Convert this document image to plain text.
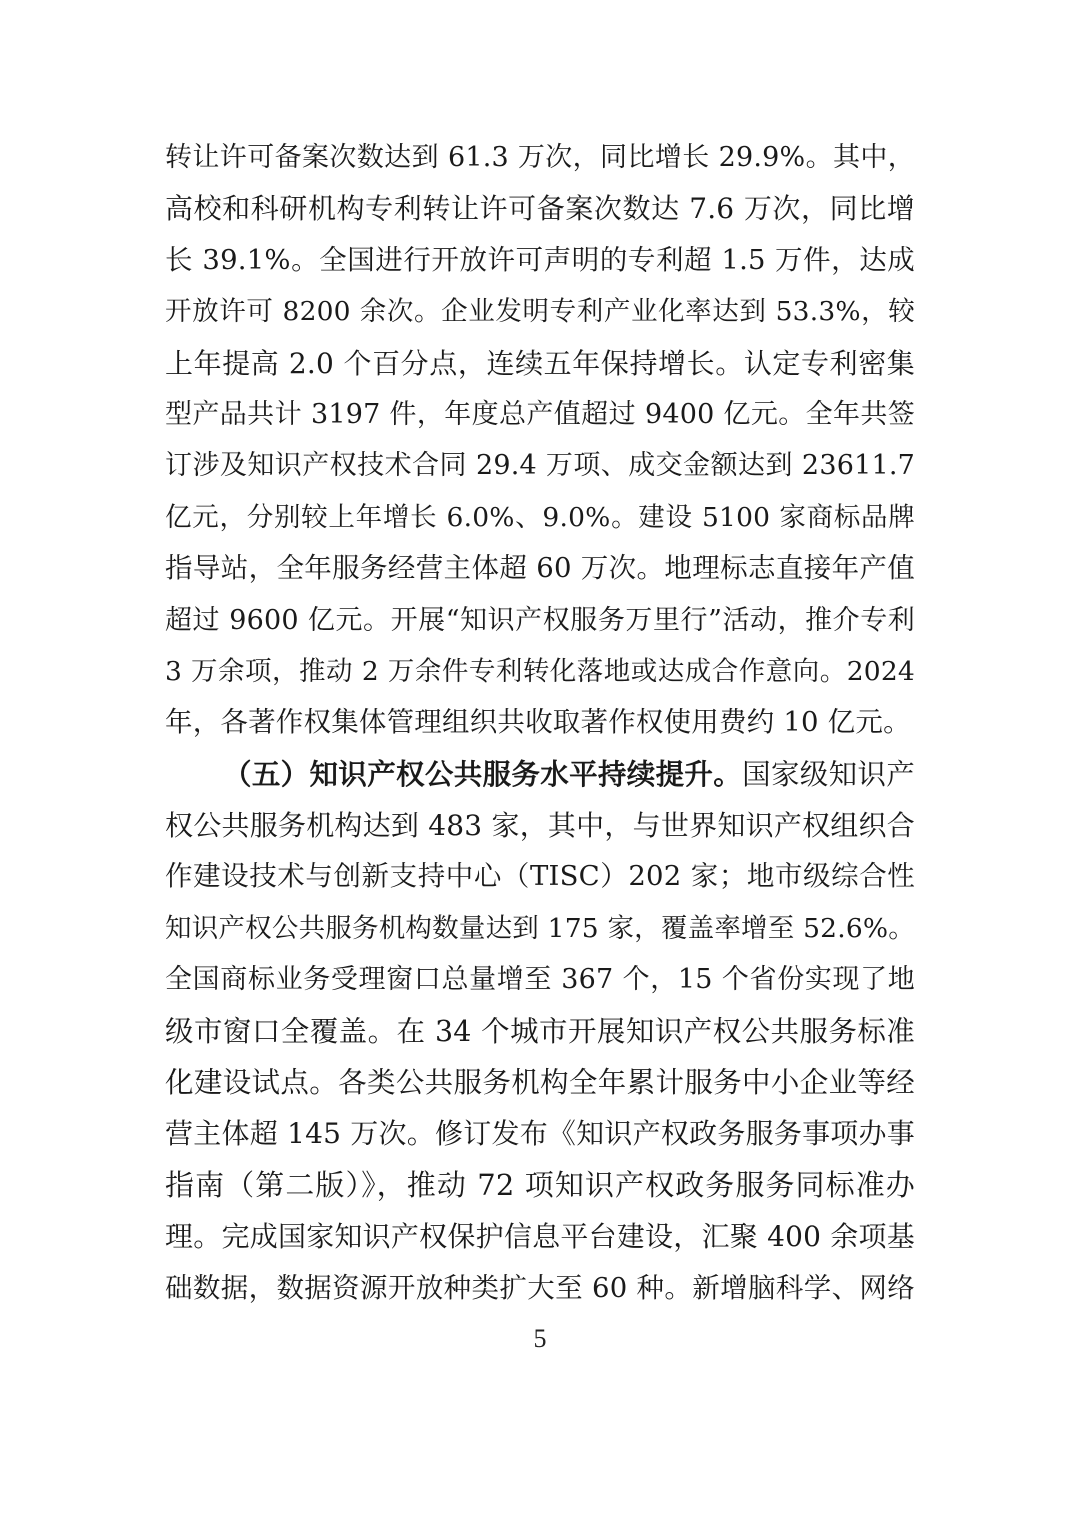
转让许可备案次数达到 61.3 万次，同比增长 29.9%。其中，
高校和科研机构专利转让许可备案次数达 7.6 万次，同比增
长 39.1%。全国进行开放许可声明的专利超 1.5 万件，达成
开放许可 8200 余次。企业发明专利产业化率达到 53.3%，较
上年提高 2.0 个百分点，连续五年保持增长。认定专利密集
型产品共计 3197 件，年度总产值超过 9400 亿元。全年共签
订涉及知识产权技术合同 29.4 万项、成交金额达到 23611.7
亿元，分别较上年增长 6.0%、9.0%。建设 5100 家商标品牌
指导站，全年服务经营主体超 60 万次。地理标志直接年产值
超过 9600 亿元。开展“知识产权服务万里行”活动，推介专利
3 万余项，推动 2 万余件专利转化落地或达成合作意向。2024
年，各著作权集体管理组织共收取著作权使用费约 10 亿元。
（五）知识产权公共服务水平持续提升。国家级知识产
权公共服务机构达到 483 家，其中，与世界知识产权组织合
作建设技术与创新支持中心（TISC）202 家；地市级综合性
知识产权公共服务机构数量达到 175 家，覆盖率增至 52.6%。
全国商标业务受理窗口总量增至 367 个，15 个省份实现了地
级市窗口全覆盖。在 34 个城市开展知识产权公共服务标准
化建设试点。各类公共服务机构全年累计服务中小企业等经
营主体超 145 万次。修订发布《知识产权政务服务事项办事
指南（第二版）》，推动 72 项知识产权政务服务同标准办
理。完成国家知识产权保护信息平台建设，汇聚 400 余项基
础数据，数据资源开放种类扩大至 60 种。新增脑科学、网络
5
